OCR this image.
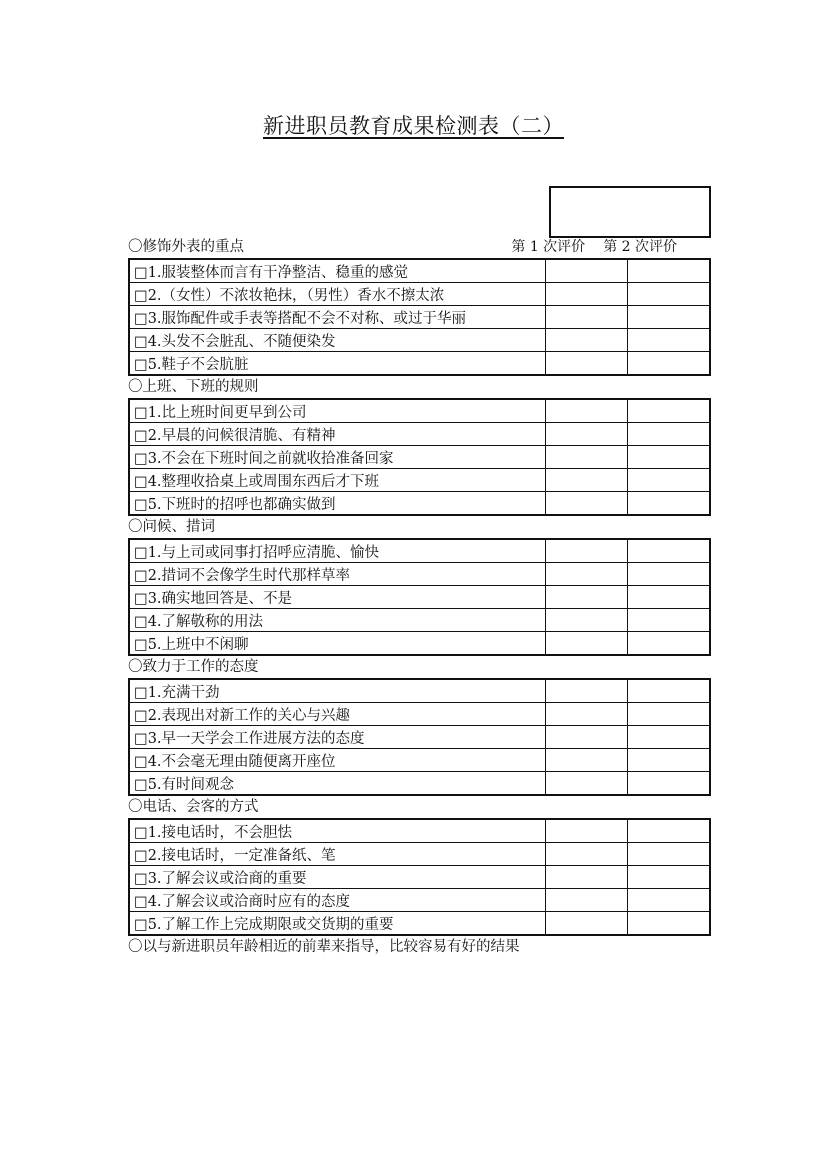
新进职员教育成果检测表（二）
〇修饰外表的重点	第 1 次评价 第 2 次评价
□1.服装整体而言有干净整洁、稳重的感觉		
□2.（女性）不浓妆艳抹，（男性）香水不擦太浓		
□3.服饰配件或手表等搭配不会不对称、或过于华丽		
□4.头发不会脏乱、不随便染发		
□5.鞋子不会肮脏		
〇上班、下班的规则
□1.比上班时间更早到公司		
□2.早晨的问候很清脆、有精神		
□3.不会在下班时间之前就收拾准备回家		
□4.整理收拾桌上或周围东西后才下班		
□5.下班时的招呼也都确实做到		
〇问候、措词
□1.与上司或同事打招呼应清脆、愉快		
□2.措词不会像学生时代那样草率		
□3.确实地回答是、不是		
□4.了解敬称的用法		
□5.上班中不闲聊		
〇致力于工作的态度
□1.充满干劲		
□2.表现出对新工作的关心与兴趣		
□3.早一天学会工作进展方法的态度		
□4.不会毫无理由随便离开座位		
□5.有时间观念		
〇电话、会客的方式
□1.接电话时，不会胆怯		
□2.接电话时，一定准备纸、笔		
□3.了解会议或洽商的重要		
□4.了解会议或洽商时应有的态度		
□5.了解工作上完成期限或交货期的重要		
〇以与新进职员年龄相近的前辈来指导，比较容易有好的结果
